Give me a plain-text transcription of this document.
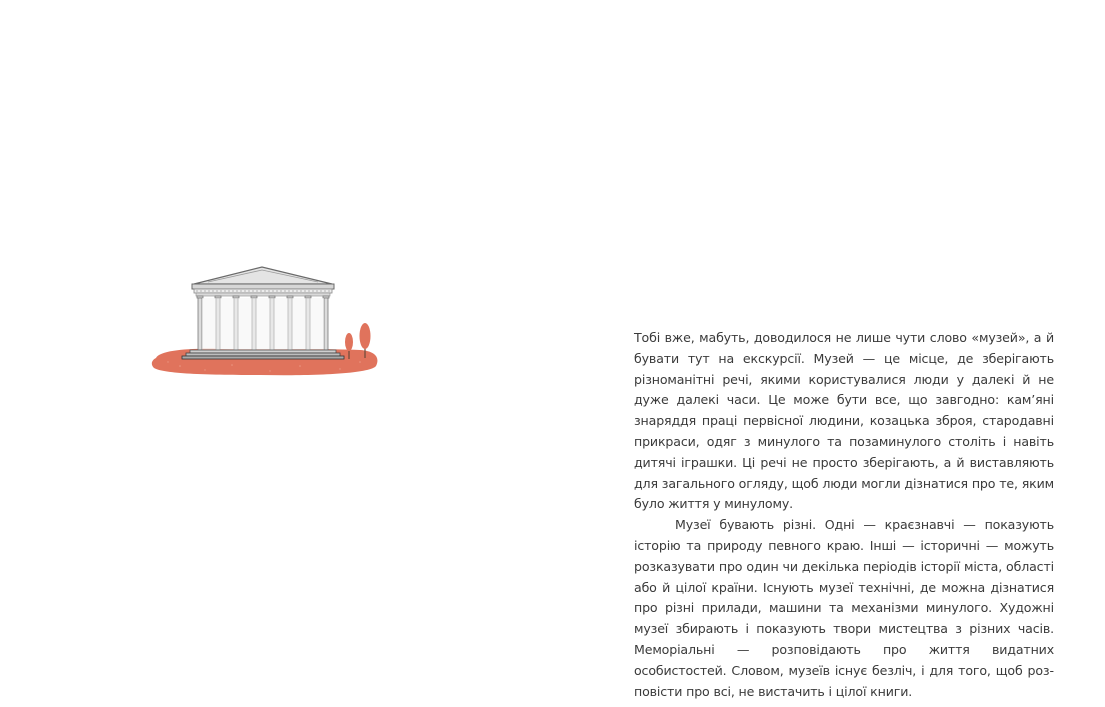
Тобі вже, мабуть, доводилося не лише чути слово «музей», а й бувати тут на екскурсії. Музей — це місце, де зберігають різноманітні речі, якими користувалися люди у далекі й не дуже далекі часи. Це може бути все, що завгодно: кам’яні знаряддя праці первісної людини, козацька зброя, стародавні прикраси, одяг з минулого та позаминулого століть і навіть дитячі іграшки. Ці речі не просто зберігають, а й виставляють для загального огляду, щоб люди могли дізнатися про те, яким було життя у минулому.

Музеї бувають різні. Одні — краєзнавчі — показують історію та природу певного краю. Інші — історичні — можуть розказувати про один чи декілька періодів історії міста, області або й цілої країни. Існують музеї технічні, де можна дізнатися про різні прилади, машини та механізми минулого. Художні музеї збирають і показують твори мистецтва з різних часів. Меморіальні — розповідають про життя видатних особистостей. Словом, музеїв існує безліч, і для того, щоб розповісти про всі, не вистачить і цілої книги.
